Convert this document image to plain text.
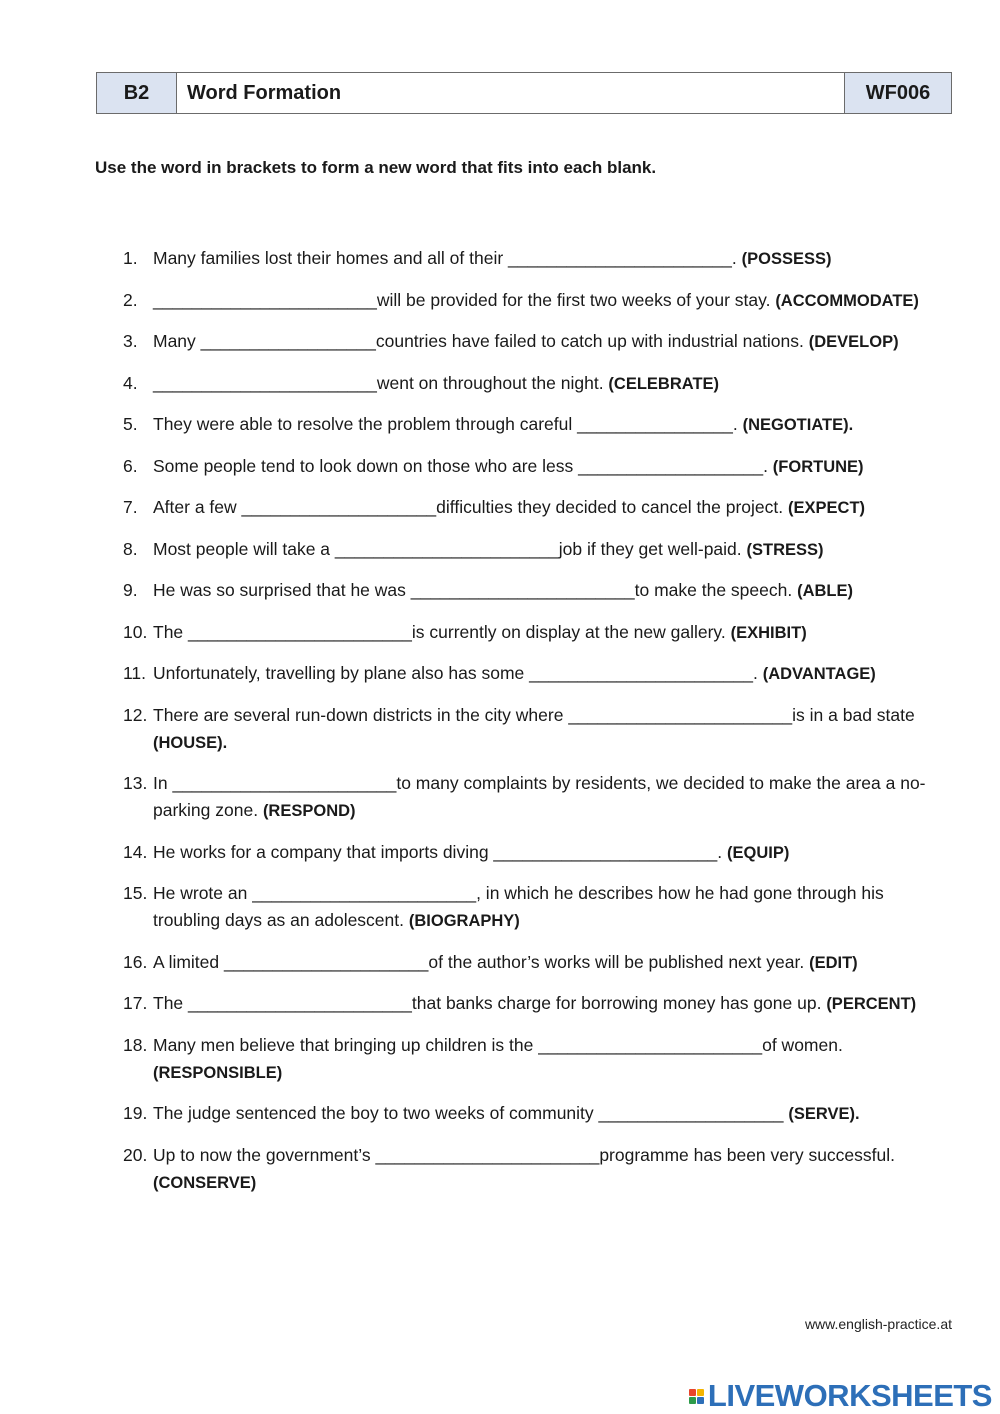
B2	Word Formation	WF006
Use the word in brackets to form a new word that fits into each blank.
1. Many families lost their homes and all of their _______________________. (POSSESS)
2. _______________________will be provided for the first two weeks of your stay. (ACCOMMODATE)
3. Many __________________countries have failed to catch up with industrial nations. (DEVELOP)
4. _______________________went on throughout the night. (CELEBRATE)
5. They were able to resolve the problem through careful ________________. (NEGOTIATE).
6. Some people tend to look down on those who are less ___________________. (FORTUNE)
7. After a few ____________________difficulties they decided to cancel the project. (EXPECT)
8. Most people will take a _______________________job if they get well-paid. (STRESS)
9. He was so surprised that he was _______________________to make the speech. (ABLE)
10. The _______________________is currently on display at the new gallery. (EXHIBIT)
11. Unfortunately, travelling by plane also has some _______________________. (ADVANTAGE)
12. There are several run-down districts in the city where _______________________is in a bad state (HOUSE).
13. In _______________________to many complaints by residents, we decided to make the area a no-parking zone. (RESPOND)
14. He works for a company that imports diving _______________________. (EQUIP)
15. He wrote an _______________________, in which he describes how he had gone through his troubling days as an adolescent. (BIOGRAPHY)
16. A limited _____________________of the author’s works will be published next year. (EDIT)
17. The _______________________that banks charge for borrowing money has gone up. (PERCENT)
18. Many men believe that bringing up children is the _______________________of women. (RESPONSIBLE)
19. The judge sentenced the boy to two weeks of community ___________________ (SERVE).
20. Up to now the government’s _______________________programme has been very successful. (CONSERVE)
www.english-practice.at
LIVEWORKSHEETS
